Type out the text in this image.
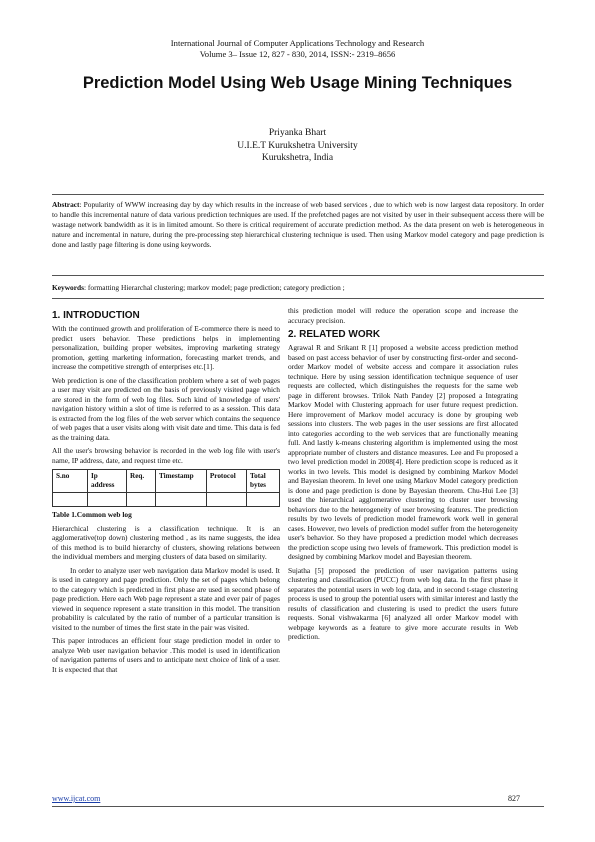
International Journal of Computer Applications Technology and Research
Volume 3– Issue 12, 827 - 830, 2014, ISSN:- 2319–8656
Prediction Model Using Web Usage Mining Techniques
Priyanka Bhart
U.I.E.T Kurukshetra University
Kurukshetra, India
Abstract: Popularity of WWW increasing day by day which results in the increase of web based services , due to which web is now largest data repository. In order to handle this incremental nature of data various prediction techniques are used. If the prefetched pages are not visited by user in their subsequent access there will be wastage network bandwidth as it is in limited amount. So there is critical requirement of accurate prediction method. As the data present on web is heterogeneous in nature and incremental in nature, during the pre-processing step hierarchical clustering technique is used. Then using Markov model category and page prediction is done and lastly page filtering is done using keywords.
Keywords: formatting Hierarchal clustering; markov model; page prediction; category prediction ;
1. INTRODUCTION

With the continued growth and proliferation of E-commerce there is need to predict users behavior. These predictions helps in implementing personalization, building proper websites, improving marketing strategy promotion, getting marketing information, forecasting market trends, and increase the competitive strength of enterprises etc.[1].

Web prediction is one of the classification problem where a set of web pages a user may visit are predicted on the basis of previously visited page which are stored in the form of web log files. Such kind of knowledge of users' navigation history within a slot of time is referred to as a session. This data is extracted from the log files of the web server which contains the sequence of web pages that a user visits along with visit date and time. This data is fed as the training data.

All the user's browsing behavior is recorded in the web log file with user's name, IP address, date, and request time etc.

S.no	Ip address	Req.	Timestamp	Protocol	Total bytes

Table 1.Common web log

Hierarchical clustering is a classification technique. It is an agglomerative(top down) clustering method , as its name suggests, the idea of this method is to build hierarchy of clusters, showing relations between the individual members and merging clusters of data based on similarity.

In order to analyze user web navigation data Markov model is used. It is used in category and page prediction. Only the set of pages which belong to the category which is predicted in first phase are used in second phase of page prediction. Here each Web page represent a state and ever pair of pages viewed in sequence represent a state transition in this model. The transition probability is calculated by the ratio of number of a particular transition is visited to the number of times the first state in the pair was visited.

This paper introduces an efficient four stage prediction model in order to analyze Web user navigation behavior .This model is used in identification of navigation patterns of users and to anticipate next choice of link of a user. It is expected that that

this prediction model will reduce the operation scope and increase the accuracy precision.

2. RELATED WORK

Agrawal R and Srikant R [1] proposed a website access prediction method based on past access behavior of user by constructing first-order and second-order Markov model of website access and compare it association rules technique. Here by using session identification technique sequence of user requests are collected, which distinguishes the requests for the same web page in different browses. Trilok Nath Pandey [2] proposed a Integrating Markov Model with Clustering approach for user future request prediction. Here improvement of Markov model accuracy is done by grouping web sessions into clusters. The web pages in the user sessions are first allocated into categories according to the web services that are functionally meaning full. And lastly k-means clustering algorithm is implemented using the most appropriate number of clusters and distance measures. Lee and Fu proposed a two level prediction model in 2008[4]. Here prediction scope is reduced as it works in two levels. This model is designed by combining Markov Model and Bayesian theorem. In level one using Markov Model category prediction is done and page prediction is done by Bayesian theorem. Chu-Hui Lee [3] used the hierarchical agglomerative clustering to cluster user browsing behaviors due to the heterogeneity of user browsing features. The prediction results by two levels of prediction model framework work well in general cases. However, two levels of prediction model suffer from the heterogeneity user's behavior. So they have proposed a prediction model which decreases the prediction scope using two levels of framework. This prediction model is designed by combining Markov model and Bayesian theorem.

Sujatha [5] proposed the prediction of user navigation patterns using clustering and classification (PUCC) from web log data. In the first phase it separates the potential users in web log data, and in second t-stage clustering process is used to group the potential users with similar interest and lastly the results of classification and clustering is used to predict the users future requests. Sonal vishwakarma [6] analyzed all order Markov model with webpage keywords as a feature to give more accurate results in Web prediction.

www.ijcat.com	827
